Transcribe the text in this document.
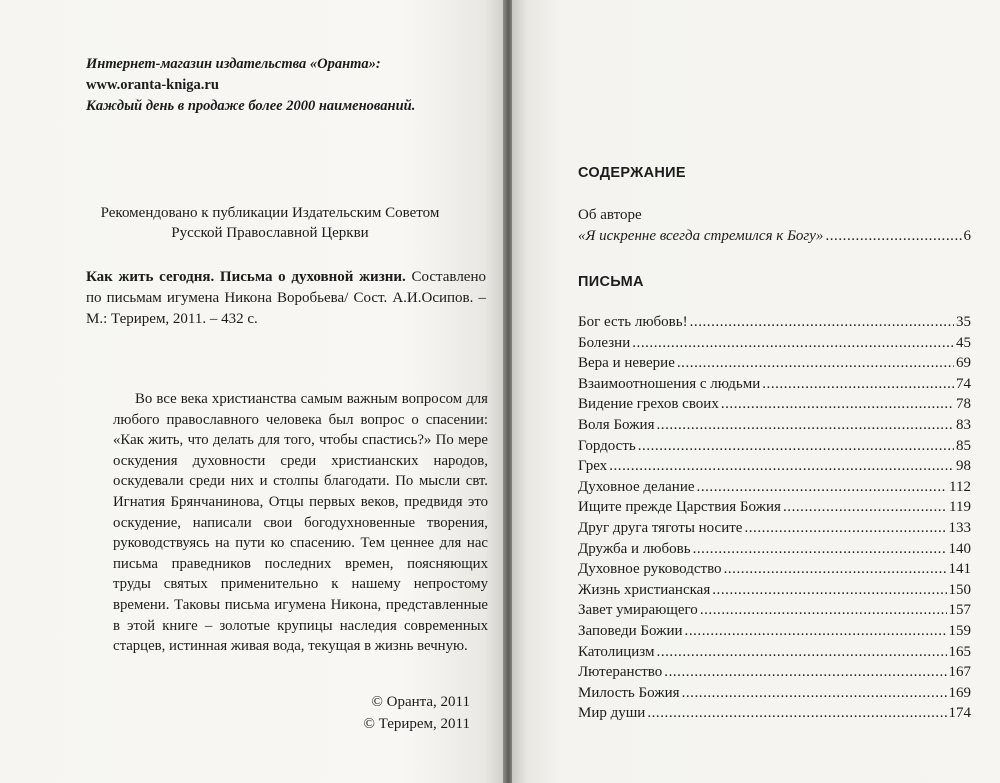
Интернет-магазин издательства «Оранта»:
www.oranta-kniga.ru
Каждый день в продаже более 2000 наименований.
Рекомендовано к публикации Издательским Советом
Русской Православной Церкви
Как жить сегодня. Письма о духовной жизни. Составлено по письмам игумена Никона Воробьева/ Сост. А.И.Осипов. – М.: Терирем, 2011. – 432 с.

Во все века христианства самым важным вопросом для любого православного человека был вопрос о спасении: «Как жить, что делать для того, чтобы спастись?» По мере оскудения духовности среди христианских народов, оскудевали среди них и столпы благодати. По мысли свт. Игнатия Брянчанинова, Отцы первых веков, предвидя это оскудение, написали свои богодухновенные творения, руководствуясь на пути ко спасению. Тем ценнее для нас письма праведников последних времен, поясняющих труды святых применительно к нашему непростому времени. Таковы письма игумена Никона, представленные в этой книге – золотые крупицы наследия современных старцев, истинная живая вода, текущая в жизнь вечную.

© Оранта, 2011
© Терирем, 2011
СОДЕРЖАНИЕ
Об авторе
«Я искренне всегда стремился к Богу» . . .	6
ПИСЬМА
Бог есть любовь! . . .	35
Болезни . . .	45
Вера и неверие . . .	69
Взаимоотношения с людьми . . .	74
Видение грехов своих . . .	78
Воля Божия . . .	83
Гордость . . .	85
Грех . . .	98
Духовное делание . . .	112
Ищите прежде Царствия Божия . . .	119
Друг друга тяготы носите . . .	133
Дружба и любовь . . .	140
Духовное руководство . . .	141
Жизнь христианская . . .	150
Завет умирающего . . .	157
Заповеди Божии . . .	159
Католицизм . . .	165
Лютеранство . . .	167
Милость Божия . . .	169
Мир души . . .	174
